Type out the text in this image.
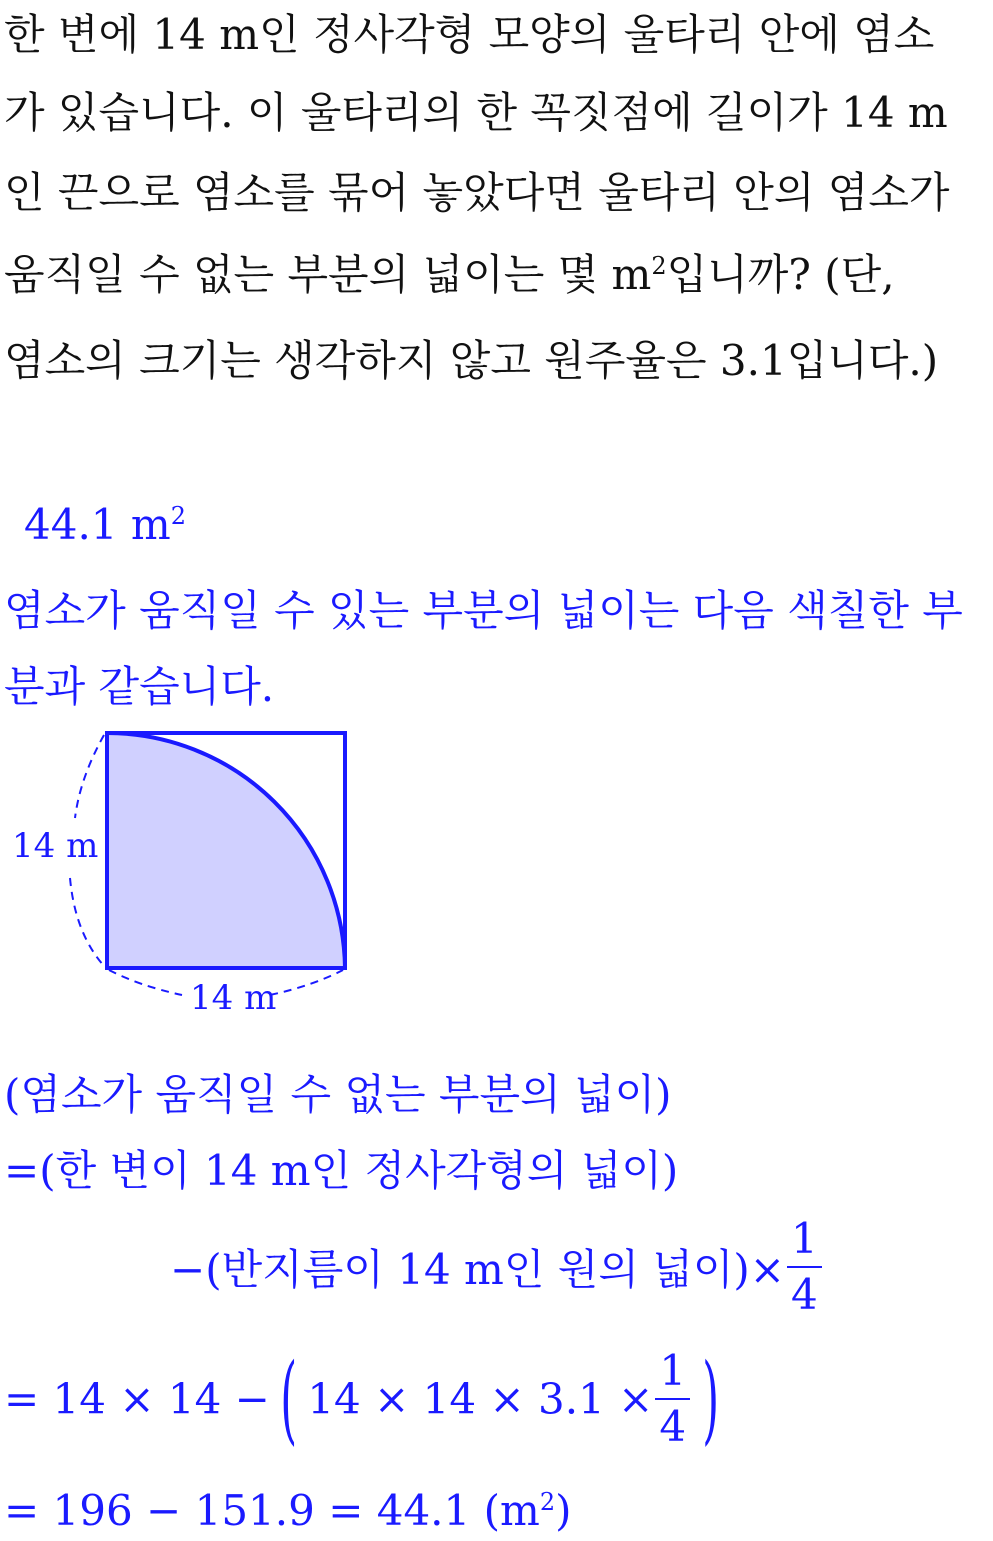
한 변에 14 m인 정사각형 모양의 울타리 안에 염소
가 있습니다. 이 울타리의 한 꼭짓점에 길이가 14 m
인 끈으로 염소를 묶어 놓았다면 울타리 안의 염소가
움직일 수 없는 부분의 넓이는 몇 $m^2$입니까? (단,
염소의 크기는 생각하지 않고 원주율은 3.1입니다.)
44.1 $m^2$
염소가 움직일 수 있는 부분의 넓이는 다음 색칠한 부
분과 같습니다.
14 m
14 m
(염소가 움직일 수 없는 부분의 넓이)
=(한 변이 14 m인 정사각형의 넓이)
−(반지름이 14 m인 원의 넓이)× $\frac{1}{4}$
= 14 × 14 − ( $14 \times 14 \times 3.1 \times \frac{1}{4}$ )
= 196 − 151.9 = 44.1 $(m^2)$
